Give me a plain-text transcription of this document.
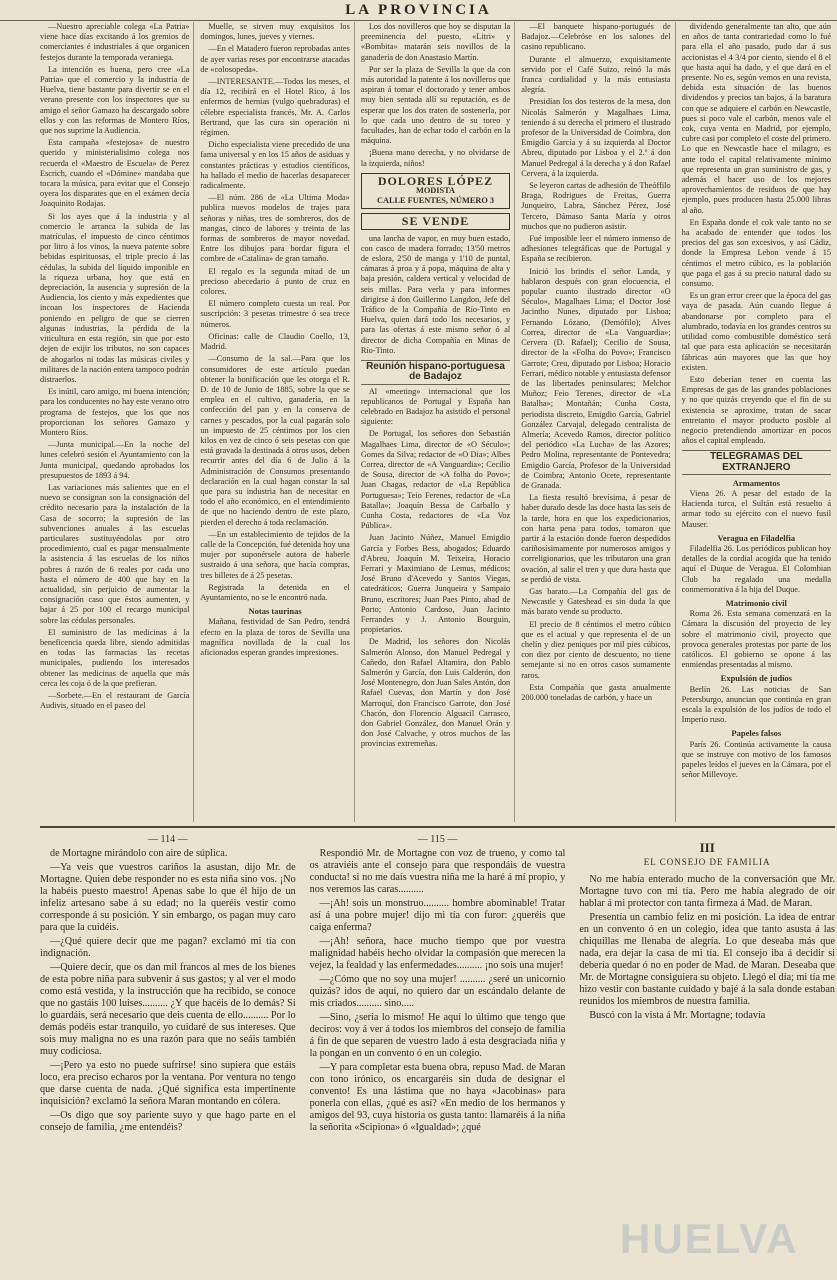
LA PROVINCIA

—Nuestro apreciable colega «La Patria» viene hace días excitando á los gremios de comerciantes é industriales á que organicen festejos durante la temporada veraniega.

La intención es buena, pero cree «La Patria» que el comercio y la industria de Huelva, tiene bastante para divertir se en el verano presente con los inspectores que su amigo el señor Gamazo ha descargado sobre ellos y con las reformas de Montero Ríos, que nos suprime la Audiencia.

Esta campaña «festejosa» de nuestro querido y ministerialisimo colega nos recuerda el «Maestro de Escuela» de Perez Escrich, cuando el «Dómine» mandaba que tocara la música, para evitar que el Consejo oyera los disparates que en el exámen decía Joaquinito Rodajas.

Si los ayes que á la industria y al comercio le arranca la subida de las matrículas, el impuesto de cinco céntimos por litro á los vinos, la nueva patente sobre bebidas espirituosas, el triple precio á las cédulas, la subida del líquido imponible en la riqueza urbana, hoy que está en depreciación, la ausencia y supresión de la Audiencia, los ciento y más expedientes que incoan los inspectores de Hacienda poniendo en peligro de que se cierren algunas industrias, la pérdida de la viticultura en esta región, sin que por esto dejen de exijir los tributos, no son capaces de ahogarlos ni todas las músicas civiles y militares de la nación entera tampoco podrán distraerlos.

Es inútil, caro amigo, mi buena intención; para los conducentes no hay este verano otro programa de festejos, que los que nos proporcionan los señores Gamazo y Montero Ríos.

—Junta municipal.—En la noche del lunes celebró sesión el Ayuntamiento con la Junta municipal, quedando aprobados los presupuestos de 1893 á 94.

Las variaciones más salientes que en el nuevo se consignan son la consignación del crédito necesario para la instalación de la Casa de socorro; la supresión de las subvenciones anuales á las escuelas particulares sustituyéndolas por otro procedimiento, cual es pagar mensualmente la asistencia á las escuelas de los niños pobres á razón de 6 reales por cada uno hasta el número de 400 que hay en la actualidad, sin perjuicio de aumentar la consignación caso que éstos aumenten, y bajar á 25 por 100 el recargo municipal sobre las cédulas personales.

El suministro de las medicinas á la beneficencia queda libre, siendo admitidas en todas las farmacias las recetas municipales, pudiendo los interesados obtener las medicinas de aquella que más cerca les coja ó de la que prefieran.

—Sorbete.—En el restaurant de García Audivis, situado en el paseo del

Muelle, se sirven muy exquisitos los domingos, lunes, jueves y viernes.

—En el Matadero fueron reprobadas antes de ayer varias reses por encontrarse atacadas de «colosopeda».

—INTERESANTE.—Todos los meses, el día 12, recibirá en el Hotel Rico, á los enfermos de hernias (vulgo quebraduras) el célebre especialista francés, Mr. A. Carlos Bertrand, que las cura sin operación ni régimen.

Dicho especialista viene precedido de una fama universal y en los 15 años de asiduas y constantes prácticas y estudios científicos, ha hallado el medio de hacerlas desaparecer radicalmente.

—El núm. 286 de «La Ultima Moda» publica nuevos modelos de trajes para señoras y niñas, tres de sombreros, dos de mangas, cinco de labores y treinta de las formas de sombreros de mayor novedad. Entre los dibujos para bordar figura el combre de «Catalina» de gran tamaño.

El regalo es la segunda mitad de un precioso abecedario á punto de cruz en colores.

El número completo cuesta un real. Por suscripción: 3 pesetas trimestre ó sea trece números.

Oficinas: calle de Claudio Coello, 13, Madrid.

—Consumo de la sal.—Para que los consumidores de este artículo puedan obtener la bonificación que les otorga el R. D. de 10 de Junio de 1885, sobre la que se emplea en el cultivo, ganadería, en la confección del pan y en la conserva de carnes y pescados, por la cual pagarán solo un impuesto de 25 céntimos por los cien kilos en vez de cinco ó seis pesetas con que está gravada la destinada á otros usos, deben recurrir antes del día 6 de Julio á la Administración de Consumos presentando declaración en la cual hagan constar la sal que para su industria han de necesitar en todo el año económico, en el entendimiento de que no haciendo dentro de este plazo, pierden el derecho á toda reclamación.

—En un establecimiento de tejidos de la calle de la Concepción, fué detenida hoy una mujer por suponérsele autora de haberle sustraido á una señora, que hacía compras, tres billetes de á 25 pesetas.

Registrada la detenida en el Ayuntamiento, no se le encontró nada.

Notas taurinas

Mañana, festividad de San Pedro, tendrá efecto en la plaza de toros de Sevilla una magnífica novillada de la cual los aficionados esperan grandes impresiones.

Los dos novilleros que hoy se disputan la preeminencia del puesto, «Litri» y «Bombita» matarán seis novillos de la ganadería de don Anastasio Martín.

Por ser la plaza de Sevilla la que da con más autoridad la patente á los novilleros que aspiran á tomar el doctorado y tener ambos muy bien sentada allí su reputación, es de esperar que los dos traten de sostenerla, por lo que cada uno dentro de su toreo y facultades, han de echar todo el carbón en la máquina.

¡Buena mano derecha, y no olvidarse de la izquierda, niños!

DOLORES LÓPEZ
MODISTA
CALLE FUENTES, NÚMERO 3
SE VENDE

una lancha de vapor, en muy buen estado, con casco de madera forrado; 13'50 metros de eslora, 2'50 de manga y 1'10 de puntal, cámaras á proa y á popa, máquina de alta y baja presión, caldera vertical y velocidad de seis millas. Para verla y para informes dirigirse á don Guillermo Langdon, Jefe del Tráfico de la Compañía de Río-Tinto en Huelva, quien dará todo los necesarios, y para las ofertas á este mismo señor ó al director de dicha Compañía en Minas de Río-Tinto.

Reunión hispano-portuguesa de Badajoz

Al «meeting» internacional que los republicanos de Portugal y España han celebrado en Badajoz ha asistido el personal siguiente:

De Portugal, los señores don Sebastián Magalhaes Lima, director de «O Século»; Gomes da Silva; redactor de «O Dia»; Albes Correa, director de «A Vanguardia»; Cecilio de Sousa, director de «A folha do Povo»; Juan Chagas, redactor de «La República Portuguesa»; Teio Ferenes, redactor de «La Batalla»; Joaquín Bessa de Carballo y Cunha Costa, redactores de «La Voz Pública».

Juan Jacinto Núñez, Manuel Emigdio García y Forbes Bess, abogados; Eduardo d'Abreu, Joaquín M. Teixeira, Horacio Ferrari y Maximiano de Lemus, médicos; José Bruno d'Acevedo y Santos Viegas, catedráticos; Guerra Junqueira y Sampaio Bruno, escritores; Juan Paes Pinto, abad de Porto; Antonio Cardoso, Juan Jacinto Ferrandes y J. Antonio Bourguin, propietarios.

De Madrid, los señores don Nicolás Salmerón Alonso, don Manuel Pedregal y Cañedo, don Rafael Altamira, don Pablo Salmerón y García, don Luis Calderón, don José Montenegro, don Juan Sales Antón, don Rafael Cuevas, don Martín y don José Marroquí, don Francisco Garrote, don José Chacón, don Florencio Alguacil Carrasco, don Gabriel González, don Manuel Orán y don José Calvache, y otros muchos de las provincias extremeñas.

—El banquete hispano-portugués de Badajoz.—Celebróse en los salones del casino republicano.

Durante el almuerzo, exquisitamente servido por el Café Suizo, reinó la más franca cordialidad y la más entusiasta alegría.

Presidían los dos testeros de la mesa, don Nicolás Salmerón y Magalhaes Lima, teniendo á su derecha el primero el ilustrado profesor de la Universidad de Coimbra, don Emigdio García y á su izquierda al Doctor Abreu, diputado por Lisboa y el 2.º á don Manuel Pedregal á la derecha y á don Rafael Cervera, á la izquierda.

Se leyeron cartas de adhesión de Theóffilo Braga, Rodrigues de Freitas, Guerra Junqueiro, Labra, Sánchez Pérez, José Tercero, Dámaso Santa María y otros muchos que no pudieron asistir.

Fué imposible leer el número inmenso de adhesiones telegráficas que de Portugal y España se recibieron.

Inició los brindis el señor Landa, y hablaron después con gran elocuencia, el popular cuanto ilustrado director «O Século», Magalhaes Lima; el Doctor José Jacintho Nunes, diputado por Lisboa; Fernando Lózano, (Demófilo); Alves Correa, director de «La Vanguardia»; Cervera (D. Rafael); Cecilio de Sousa, director de la «Folha do Povo»; Francisco Garrote; Creu, diputado por Lisboa; Horacio Ferrari, médico notable y entusiasta defensor de las libertades peninsulares; Melchor Muñoz; Feio Terenes, director de «La Batalha»; Montañán; Cunha Costa, periodista discreto, Emigdio García, Gabriel González Carvajal, delegado centralista de Almería; Acevedo Ramos, director político del periódico «La Lucha» de las Azores; Pedro Molina, representante de Pontevedra; Emigdio García, Profesor de la Universidad de Coimbra; Antonio Ocete, representante de Granada.

La fiesta resultó brevísima, á pesar de haber durado desde las doce hasta las seis de la tarde, hora en que los expedicionarios, con harta pena para todos, tomaron que partir á la estación donde fueron despedidos cariñosísimamente por numerosos amigos y correligionarios, que les tributaron una gran ovación, al salir el tren y que dura hasta que se perdió de vista.

Gas barato.—La Compañía del gas de Newcastle y Gateshead es sin duda la que más barato vende su producto.

El precio de 8 céntimos el metro cúbico que es el actual y que representa el de un chelín y diez peniques por mil pies cúbicos, con diez por ciento de descuento, no tiene semejante si no en otros casos sumamente raros.

Esta Compañía que gasta anualmente 200.000 toneladas de carbón, y hace un

dividendo generalmente tan alto, que aún en años de tanta contrariedad como lo fué para ella el año pasado, pudo dar á sus accionistas el 4 3/4 por ciento, siendo el 8 el que hasta aquí ha dado, y el que dará en el presente. No es, según vemos en una revista, debida esta situación de las buenos dividendos y precios tan bajos, á la baratura con que se adquiere el carbón en Newcastle, pues si poco vale el carbón, menos vale el cok, cuya venta en Madrid, por ejemplo, cubre casi por completo el coste del primero. Lo que en Newcastle hace el milagro, es ante todo el capital relativamente mínimo que representa un gran suministro de gas, y además el hacer uso de los mejores aprovechamientos de residuos de que hay ejemplo, pues producen hasta 25.000 libras al año.

En España donde el cok vale tanto no se ha acabado de entender que todos los precios del gas son excesivos, y así Cádiz, donde la Empresa Lebon vende á 15 céntimos el metro cúbico, es la población que paga el gas á su precio natural dado su consumo.

Es un gran error creer que la época del gas vaya de pasada. Aún cuando llegue á abandonarse por completo para el alumbrado, todavía en los grandes centros su utilidad como combustible doméstico será tal que para esta aplicación se necesitarán fábricas aún mayores que las que hoy existen.

Esto deberían tener en cuenta las Empresas de gas de las grandes poblaciones y no que quizás creyendo que el fin de su existencia se aproxime, tratan de sacar entretanto el mayor producto posible al negocio pretendiendo amortizar en pocos años el capital empleado.

TELEGRAMAS DEL EXTRANJERO
Armamentos

Viena 26. A pesar del estado de la Hacienda turca, el Sultán está resuelto á armar todo su ejército con el nuevo fusil Mauser.

Veragua en Filadelfia

Filadelfia 26. Los periódicos publican hoy detalles de la cordial acogida que ha tenido aquí el Duque de Veragua. El Colombian Club ha regalado una medalla conmemorativa á la hija del Duque.

Matrimonio civil

Roma 26. Esta semana comenzará en la Cámara la discusión del proyecto de ley sobre el matrimonio civil, proyecto que provoca generales protestas por parte de los católicos. El gobierno se opone á las enmiendas presentadas al mismo.

Expulsión de judíos

Berlín 26. Las noticias de San Petersburgo, anuncian que continúa en gran escala la expulsión de los judíos de todo el Imperio ruso.

Papeles falsos

París 26. Continúa activamente la causa que se instruye con motivo de los famosos papeles leídos el jueves en la Cámara, por el señor Millevoye.

— 114 —

de Mortagne mirándolo con aire de súplica.

—Ya veis que vuestros cariños la asustan, dijo Mr. de Mortagne. Quien debe responder no es esta niña sino vos. ¡No la habéis puesto maestro! Apenas sabe lo que él hijo de un infeliz artesano sabe á su edad; no la queréis vestir como corresponde á su posición. Y sin embargo, os pagan muy caro para que la cuidéis.

—¿Qué quiere decir que me pagan? exclamó mi tía con indignación.

—Quiere decir, que os dan mil francos al mes de los bienes de esta pobre niña para subvenir á sus gastos; y al ver el modo como está vestida, y la instrucción que ha recibido, se conoce que no gastáis 100 luises.......... ¿Y que hacéis de lo demás? Si lo guardáis, será necesario que deis cuenta de ello.......... Por lo demás podéis estar tranquilo, yo cuidaré de sus intereses. Que sois muy maligna no es una razón para que no seáis también muy codiciosa.

—¡Pero ya esto no puede sufrirse! sino supiera que estáis loco, era preciso echaros por la ventana. Por ventura no tengo que darse cuenta de nada. ¿Qué significa esta impertinente inquisición? exclamó la señora Maran montando en cólera.

—Os digo que soy pariente suyo y que hago parte en el consejo de familia, ¿me entendéis?

— 115 —

Respondió Mr. de Mortagne con voz de trueno, y como tal os atraviéis ante el consejo para que respondáis de vuestra conducta! si no me daís vuestra niña me la haré á mí propio, y nos veremos las caras..........

—¡Ah! sois un monstruo.......... hombre abominable! Tratar así á una pobre mujer! dijo mi tía con furor: ¿queréis que caiga enferma?

—¡Ah! señora, hace mucho tiempo que por vuestra malignidad habéis hecho olvidar la compasión que merecen la vejez, la fealdad y las enfermedades.......... ¡no sois una mujer!

—¿Cómo que no soy una mujer! .......... ¿seré un unicornio quizás? idos de aquí, no quiero dar un escándalo delante de mis criados.......... sino.....

—Sino, ¿seria lo mismo! He aquí lo último que tengo que deciros: voy á ver á todos los miembros del consejo de familia á fin de que separen de vuestro lado á esta desgraciada niña y la pongan en un convento ó en un colegio.

—Y para completar esta buena obra, repuso Mad. de Maran con tono irónico, os encargaréis sin duda de designar el convento! Es una lástima que no haya «Jacobinas» para ponerla con ellas, ¿qué es así? «En medio de los hermanos y amigos del 93, cuya historia os gusta tanto: llamaréis á la niña la señorita «Scipiona» ó «Igualdad»; ¿qué

III
EL CONSEJO DE FAMILIA

No me había enterado mucho de la conversación que Mr. Mortagne tuvo con mi tía. Pero me había alegrado de oir hablar á mi protector con tanta firmeza á Mad. de Maran.

Presentía un cambio feliz en mi posición. La idea de entrar en un convento ó en un colegio, idea que tanto asusta á las chiquillas me llenaba de alegría. Lo que deseaba más que nada, era dejar la casa de mi tía. El consejo iba á decidir si debería quedar ó no en poder de Mad. de Maran. Deseaba que Mr. de Mortagne consiguiera su objeto. Llegó el día; mi tía me hizo vestir con bastante cuidado y bajé á la sala donde estaban reunidos los miembros de nuestra familia.

Buscó con la vista á Mr. Mortagne; todavía

HUELVA
